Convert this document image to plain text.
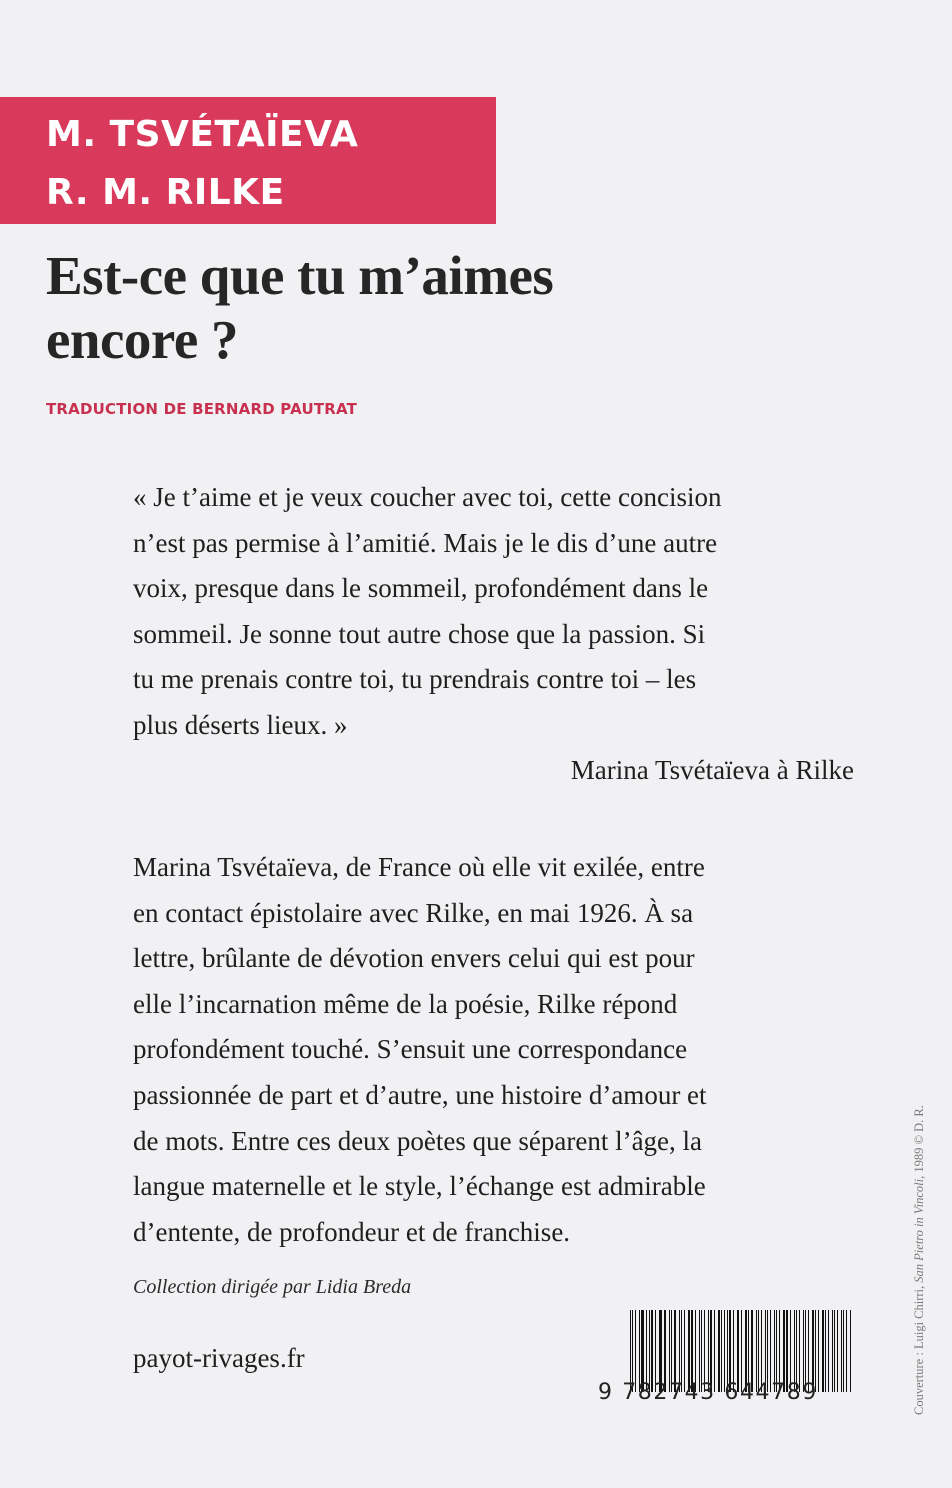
M. TSVÉTAÏEVA
R. M. RILKE
Est-ce que tu m’aimes
encore ?
TRADUCTION DE BERNARD PAUTRAT
« Je t’aime et je veux coucher avec toi, cette concision
n’est pas permise à l’amitié. Mais je le dis d’une autre
voix, presque dans le sommeil, profondément dans le
sommeil. Je sonne tout autre chose que la passion. Si
tu me prenais contre toi, tu prendrais contre toi – les
plus déserts lieux. »
Marina Tsvétaïeva à Rilke
Marina Tsvétaïeva, de France où elle vit exilée, entre
en contact épistolaire avec Rilke, en mai 1926. À sa
lettre, brûlante de dévotion envers celui qui est pour
elle l’incarnation même de la poésie, Rilke répond
profondément touché. S’ensuit une correspondance
passionnée de part et d’autre, une histoire d’amour et
de mots. Entre ces deux poètes que séparent l’âge, la
langue maternelle et le style, l’échange est admirable
d’entente, de profondeur et de franchise.
Collection dirigée par Lidia Breda
payot-rivages.fr
9 782743 644789	Couverture : Luigi Chirri, San Pietro in Vincoli, 1989 © D. R.
